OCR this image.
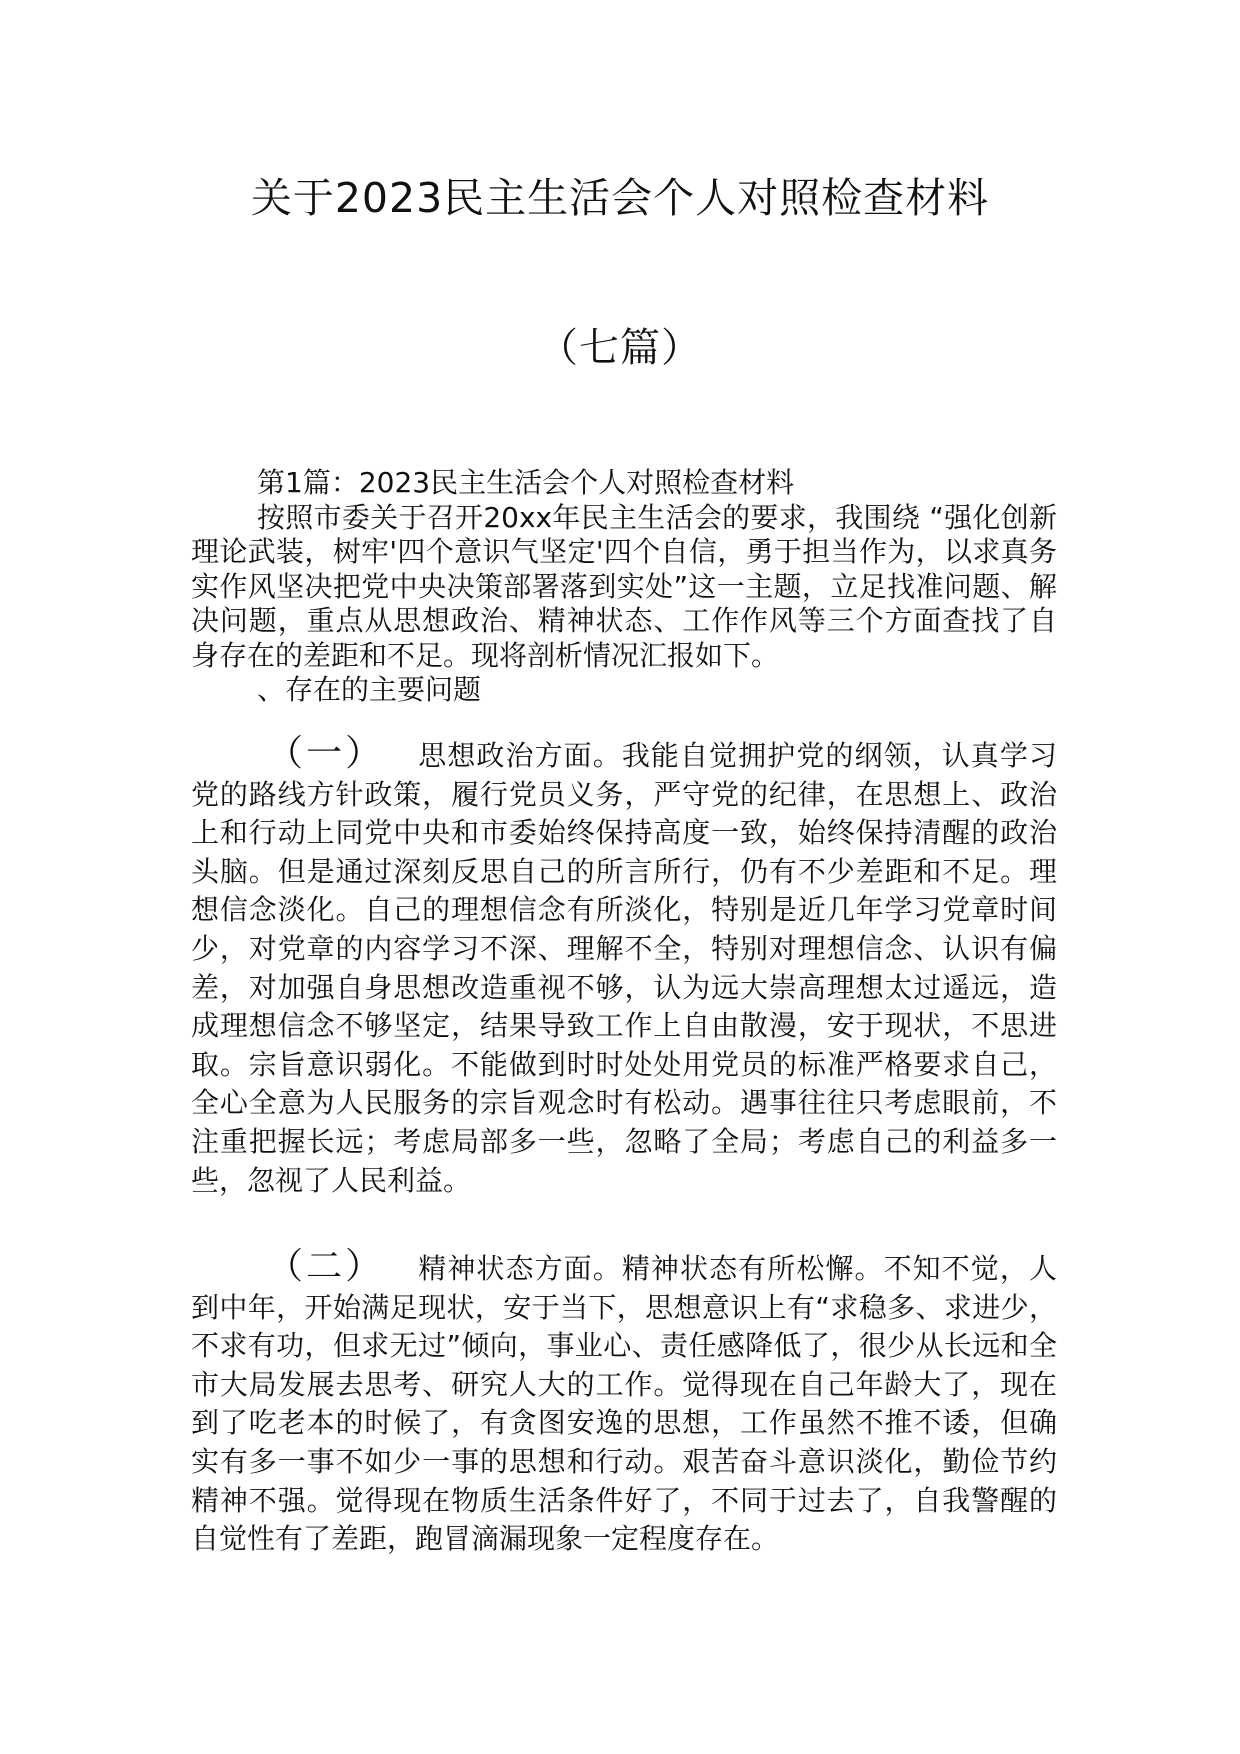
关于2023民主生活会个人对照检查材料
（七篇）

第1篇：2023民主生活会个人对照检查材料

按照市委关于召开20xx年民主生活会的要求，我围绕 “强化创新理论武装，树牢'四个意识气坚定'四个自信，勇于担当作为，以求真务实作风坚决把党中央决策部署落到实处”这一主题，立足找准问题、解决问题，重点从思想政治、精神状态、工作作风等三个方面查找了自身存在的差距和不足。现将剖析情况汇报如下。

、存在的主要问题

（一） 思想政治方面。我能自觉拥护党的纲领，认真学习党的路线方针政策，履行党员义务，严守党的纪律，在思想上、政治上和行动上同党中央和市委始终保持高度一致，始终保持清醒的政治头脑。但是通过深刻反思自己的所言所行，仍有不少差距和不足。理想信念淡化。自己的理想信念有所淡化，特别是近几年学习党章时间少，对党章的内容学习不深、理解不全，特别对理想信念、认识有偏差，对加强自身思想改造重视不够，认为远大崇高理想太过遥远，造成理想信念不够坚定，结果导致工作上自由散漫，安于现状，不思进取。宗旨意识弱化。不能做到时时处处用党员的标准严格要求自己，全心全意为人民服务的宗旨观念时有松动。遇事往往只考虑眼前，不注重把握长远；考虑局部多一些，忽略了全局；考虑自己的利益多一些，忽视了人民利益。

（二） 精神状态方面。精神状态有所松懈。不知不觉，人到中年，开始满足现状，安于当下，思想意识上有“求稳多、求进少，不求有功，但求无过”倾向，事业心、责任感降低了，很少从长远和全市大局发展去思考、研究人大的工作。觉得现在自己年龄大了，现在到了吃老本的时候了，有贪图安逸的思想，工作虽然不推不诿，但确实有多一事不如少一事的思想和行动。艰苦奋斗意识淡化，勤俭节约精神不强。觉得现在物质生活条件好了，不同于过去了，自我警醒的自觉性有了差距，跑冒滴漏现象一定程度存在。
